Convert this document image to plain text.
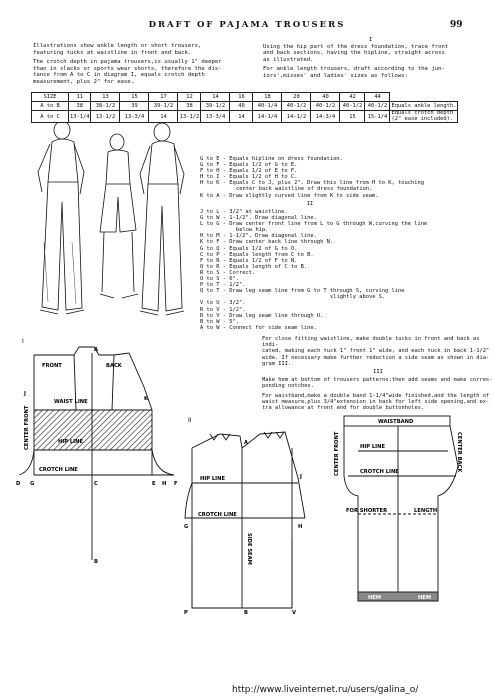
DRAFT OF PAJAMA TROUSERS	99
Illustrations show ankle length or short trousers,
featuring tucks at waistline in front and back.
The crotch depth in pajama trousers,is usually 1" deeper
than in slacks or sports wear shorts, therefore the dis-
tance from A to C in diagram I, equals crotch depth
measurement, plus 2" for ease.
I
Using the hip part of the dress foundation, trace front
and back sections, having the hipline, straight across
as illustrated.
For ankle length trousers, draft according to the jun-
iors',misses' and ladies' sizes as follows:
SIZE	11	13	15	17	12	14	16	18	20	40	42	44	
A to B	38	38-1/2	39	39-1/2	38	39-1/2	40	40-1/4	40-1/2	40-1/2	40-1/2	40-1/2	Equals ankle length.
A to C	13-1/4	13-1/2	13-3/4	14	13-1/2	13-3/4	14	14-1/4	14-1/2	14-3/4	15	15-1/4	Equals crotch depth (2" ease included).
G to E - Equals hipline on dress foundation.
G to F - Equals 1/2 of G to E.
F to H - Equals 1/2 of E to F.
H to I - Equals 1/2 of H to C.
H to K - Equals C to J, plus 2". Draw this line from H to K, touching
center back waistline of dress foundation.
K to A - Draw slightly curved line from K to side seam.
II
J to L - 3/2" at waistline.
G to W - 1-1/2". Draw diagonal line.
L to G - Draw center front line from L to G through W,curving the line
below hip.
H to M - 1-1/2". Draw diagonal line.
K to F - Draw center back line through N.
G to Q - Equals 1/2 of G to O.
C to P - Equals length from C to B.
F to R - Equals 1/2 of F to N.
Q to R - Equals length of C to B.
R to S - Correct.
O to S - 6".
P to T - 1/2".
Q to T - Draw leg seam line from G to T through S, curving line
slightly above S.
V to U - 3/2".
R to V - 1/2".
R to V - Draw leg seam line through U.
B to W - 5".
A to W - Connect for side seam line.
For close fitting waistline, make double tucks in front and back as indi-
cated, making each tuck 1" front 1" wide, and each tuck in back 1-1/2"
wide. If necessary make further reduction a side seam as shown in dia-
gram III.
III
Make hem at bottom of trousers patterns;then add seams and make corres-
ponding notches.
For waistband,make a double band 1-1/4"wide finished,and the length of
waist measure,plus 3/4"extension in back for left side opening,and ex-
tra allowance at front end for double buttonholes.
I
FRONT	BACK
WAIST LINE
HIP LINE
CROTCH LINE
CENTER FRONT
G
D	C	E H F
B
A
J
K
II
HIP LINE
CROTCH LINE
SIDE SEAM
G	H
B
P	V
A
J
WAISTBAND
CENTER FRONT	CENTER BACK
HIP LINE
CROTCH LINE
FOR SHORTER	LENGTH
HEM	HEM
http://www.liveinternet.ru/users/galina_o/
